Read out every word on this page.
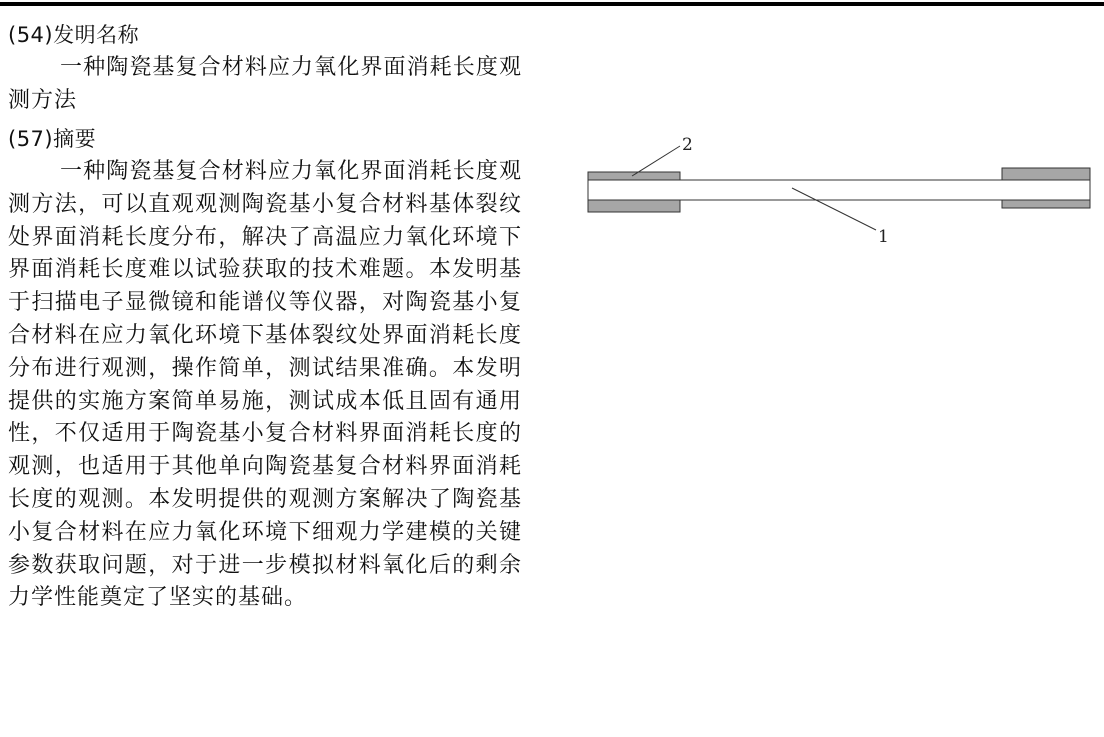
(54)发明名称
一种陶瓷基复合材料应力氧化界面消耗长度观测方法
(57)摘要
一种陶瓷基复合材料应力氧化界面消耗长度观测方法，可以直观观测陶瓷基小复合材料基体裂纹处界面消耗长度分布，解决了高温应力氧化环境下界面消耗长度难以试验获取的技术难题。本发明基于扫描电子显微镜和能谱仪等仪器，对陶瓷基小复合材料在应力氧化环境下基体裂纹处界面消耗长度分布进行观测，操作简单，测试结果准确。本发明提供的实施方案简单易施，测试成本低且固有通用性，不仅适用于陶瓷基小复合材料界面消耗长度的观测，也适用于其他单向陶瓷基复合材料界面消耗长度的观测。本发明提供的观测方案解决了陶瓷基小复合材料在应力氧化环境下细观力学建模的关键参数获取问题，对于进一步模拟材料氧化后的剩余力学性能奠定了坚实的基础。
2
1
